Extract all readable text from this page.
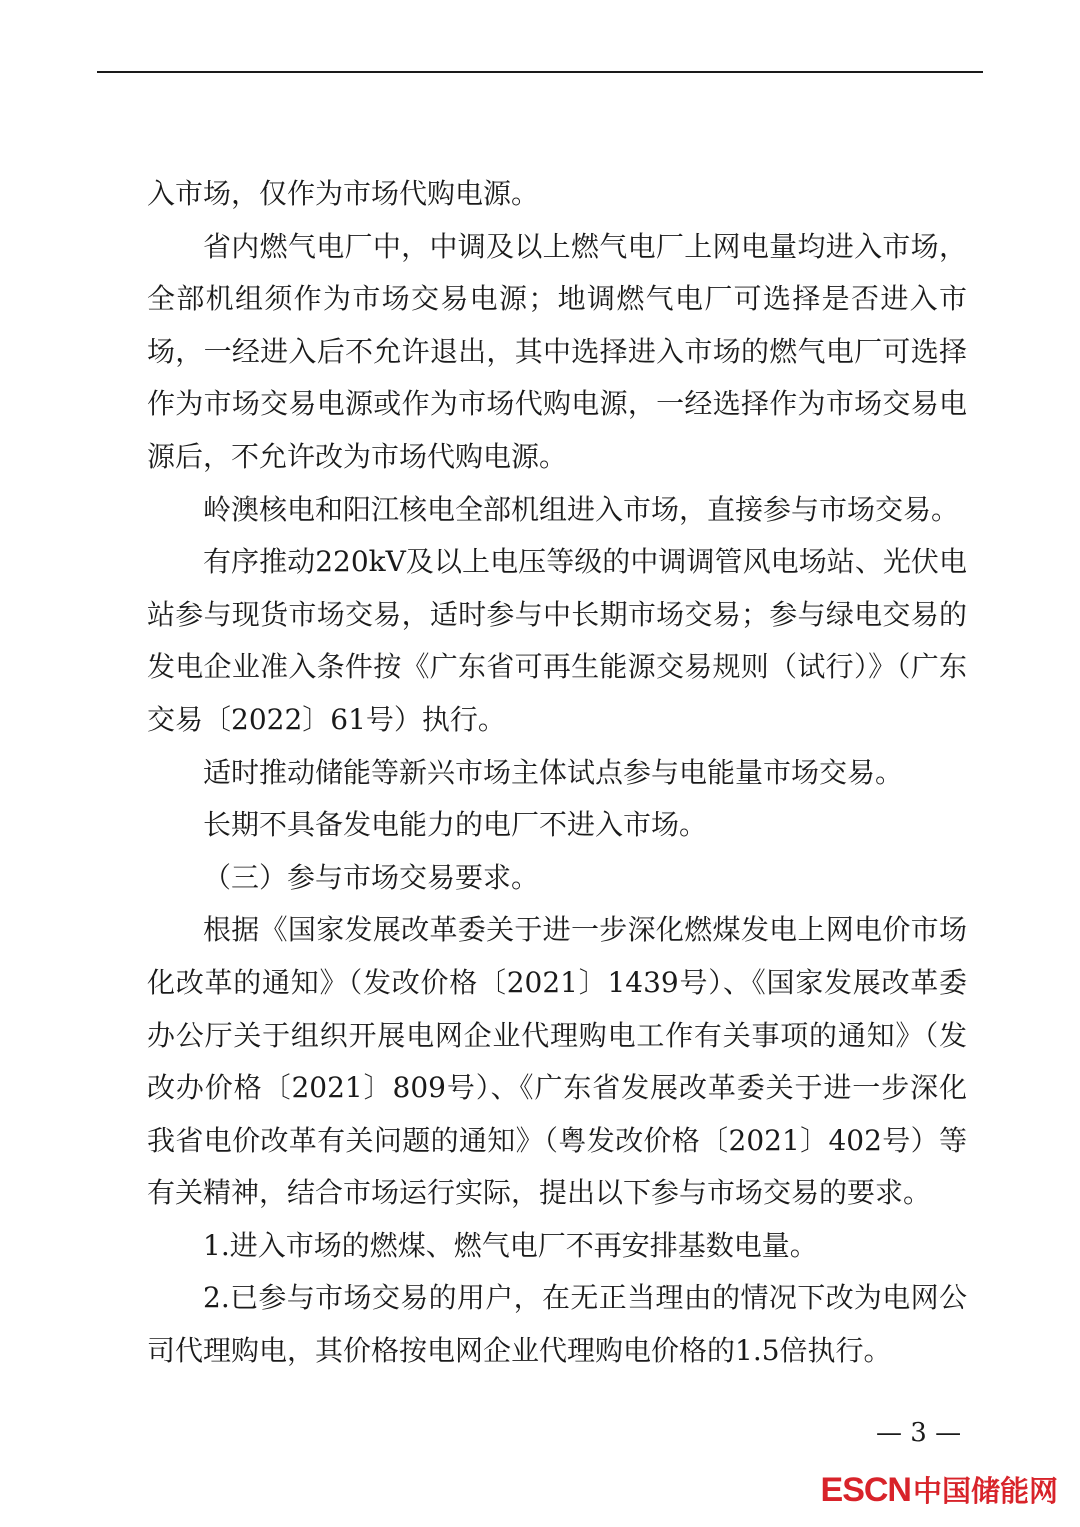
入市场，仅作为市场代购电源。

省内燃气电厂中，中调及以上燃气电厂上网电量均进入市场，全部机组须作为市场交易电源；地调燃气电厂可选择是否进入市场，一经进入后不允许退出，其中选择进入市场的燃气电厂可选择作为市场交易电源或作为市场代购电源，一经选择作为市场交易电源后，不允许改为市场代购电源。

岭澳核电和阳江核电全部机组进入市场，直接参与市场交易。

有序推动220kV及以上电压等级的中调调管风电场站、光伏电站参与现货市场交易，适时参与中长期市场交易；参与绿电交易的发电企业准入条件按《广东省可再生能源交易规则（试行）》（广东交易〔2022〕61号）执行。

适时推动储能等新兴市场主体试点参与电能量市场交易。

长期不具备发电能力的电厂不进入市场。

（三）参与市场交易要求。

根据《国家发展改革委关于进一步深化燃煤发电上网电价市场化改革的通知》（发改价格〔2021〕1439号）、《国家发展改革委办公厅关于组织开展电网企业代理购电工作有关事项的通知》（发改办价格〔2021〕809号）、《广东省发展改革委关于进一步深化我省电价改革有关问题的通知》（粤发改价格〔2021〕402号）等有关精神，结合市场运行实际，提出以下参与市场交易的要求。

1.进入市场的燃煤、燃气电厂不再安排基数电量。

2.已参与市场交易的用户，在无正当理由的情况下改为电网公司代理购电，其价格按电网企业代理购电价格的1.5倍执行。

— 3 —
ESCN 中国储能网
